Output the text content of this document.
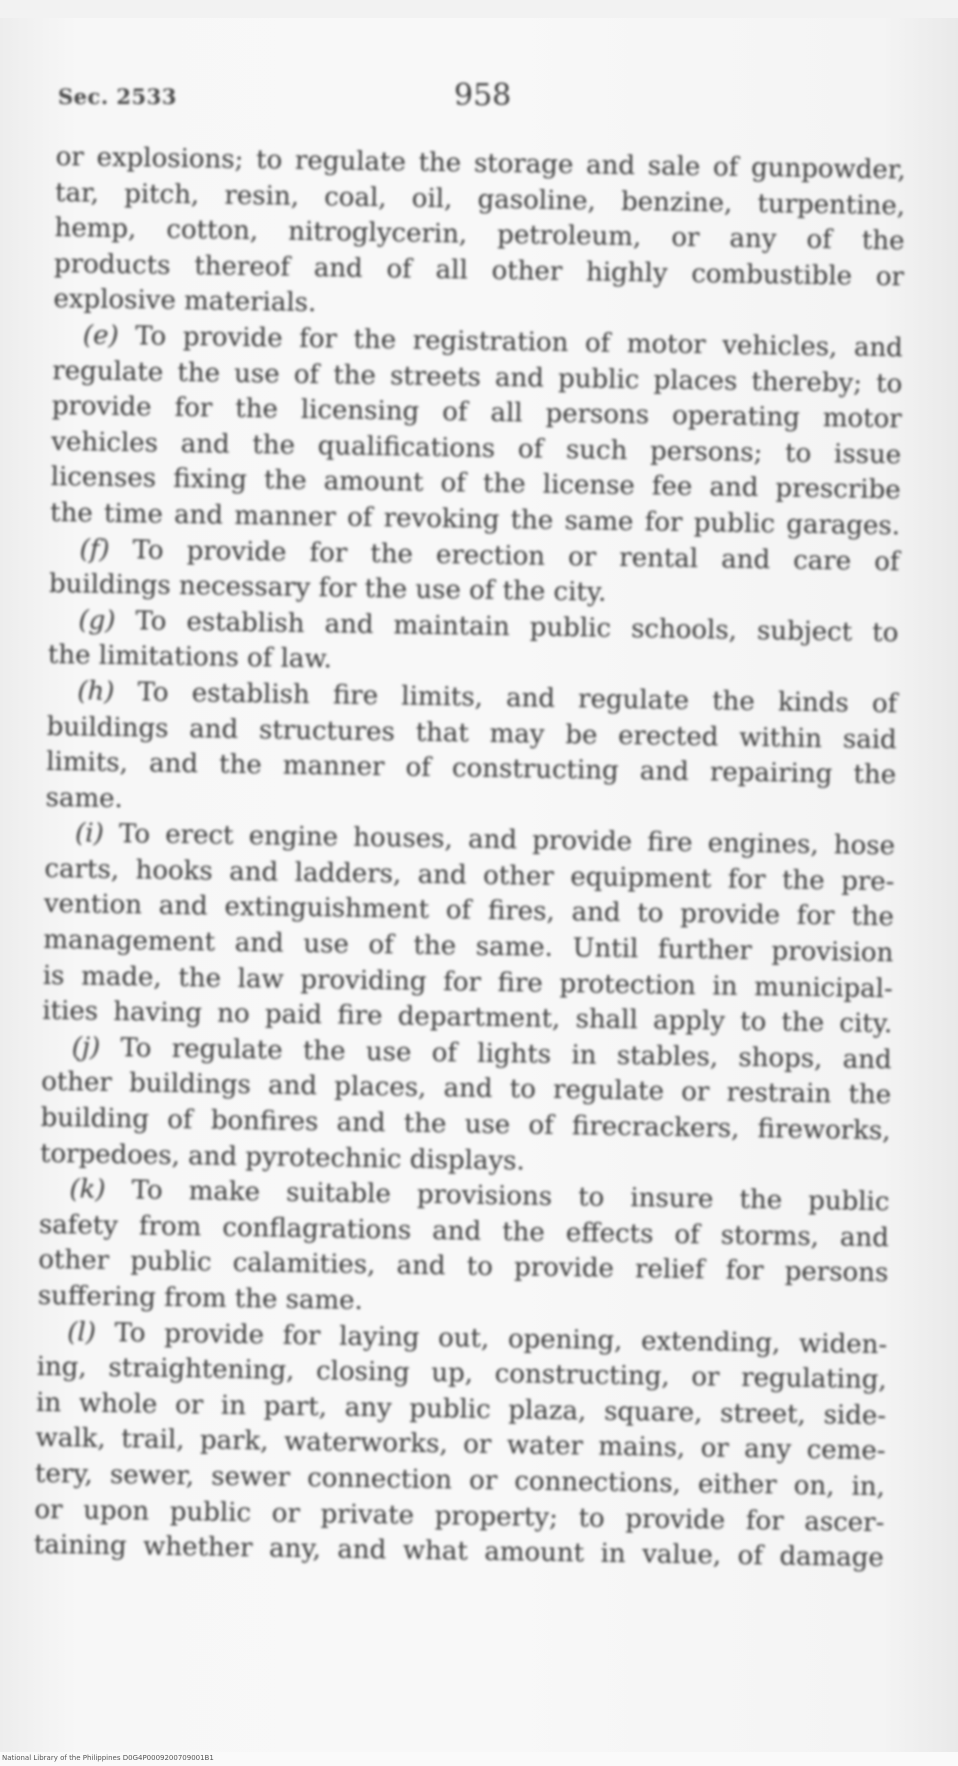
Sec. 2533	958
or explosions; to regulate the storage and sale of gunpowder,
tar, pitch, resin, coal, oil, gasoline, benzine, turpentine,
hemp, cotton, nitroglycerin, petroleum, or any of the
products thereof and of all other highly combustible or
explosive materials.
(e) To provide for the registration of motor vehicles, and
regulate the use of the streets and public places thereby; to
provide for the licensing of all persons operating motor
vehicles and the qualifications of such persons; to issue
licenses fixing the amount of the license fee and prescribe
the time and manner of revoking the same for public garages.
(f) To provide for the erection or rental and care of
buildings necessary for the use of the city.
(g) To establish and maintain public schools, subject to
the limitations of law.
(h) To establish fire limits, and regulate the kinds of
buildings and structures that may be erected within said
limits, and the manner of constructing and repairing the
same.
(i) To erect engine houses, and provide fire engines, hose
carts, hooks and ladders, and other equipment for the pre-
vention and extinguishment of fires, and to provide for the
management and use of the same. Until further provision
is made, the law providing for fire protection in municipal-
ities having no paid fire department, shall apply to the city.
(j) To regulate the use of lights in stables, shops, and
other buildings and places, and to regulate or restrain the
building of bonfires and the use of firecrackers, fireworks,
torpedoes, and pyrotechnic displays.
(k) To make suitable provisions to insure the public
safety from conflagrations and the effects of storms, and
other public calamities, and to provide relief for persons
suffering from the same.
(l) To provide for laying out, opening, extending, widen-
ing, straightening, closing up, constructing, or regulating,
in whole or in part, any public plaza, square, street, side-
walk, trail, park, waterworks, or water mains, or any ceme-
tery, sewer, sewer connection or connections, either on, in,
or upon public or private property; to provide for ascer-
taining whether any, and what amount in value, of damage
National Library of the Philippines D0G4P0009200709001B1
